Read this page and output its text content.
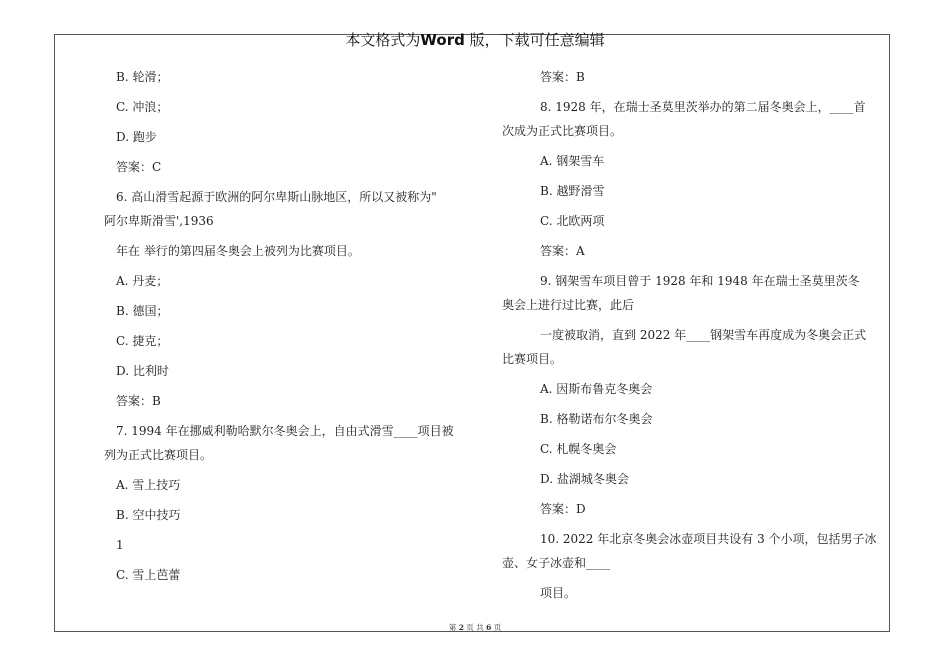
本文格式为Word 版，下载可任意编辑

B. 轮滑；

C. 冲浪；

D. 跑步

答案：C

6. 高山滑雪起源于欧洲的阿尔卑斯山脉地区，所以又被称为"

阿尔卑斯滑雪',1936

年在 举行的第四届冬奥会上被列为比赛项目。

A. 丹麦；

B. 德国；

C. 捷克；

D. 比利时

答案：B

7. 1994 年在挪威利勒哈默尔冬奥会上，自由式滑雪____项目被

列为正式比赛项目。

A. 雪上技巧

B. 空中技巧

1

C. 雪上芭蕾

答案：B

8. 1928 年，在瑞士圣莫里茨举办的第二届冬奥会上，____首

次成为正式比赛项目。

A. 钢架雪车

B. 越野滑雪

C. 北欧两项

答案：A

9. 钢架雪车项目曾于 1928 年和 1948 年在瑞士圣莫里茨冬

奥会上进行过比赛，此后

一度被取消，直到 2022 年____钢架雪车再度成为冬奥会正式

比赛项目。

A. 因斯布鲁克冬奥会

B. 格勒诺布尔冬奥会

C. 札幌冬奥会

D. 盐湖城冬奥会

答案：D

10. 2022 年北京冬奥会冰壶项目共设有 3 个小项，包括男子冰

壶、女子冰壶和____

项目。

第 2 页 共 6 页
